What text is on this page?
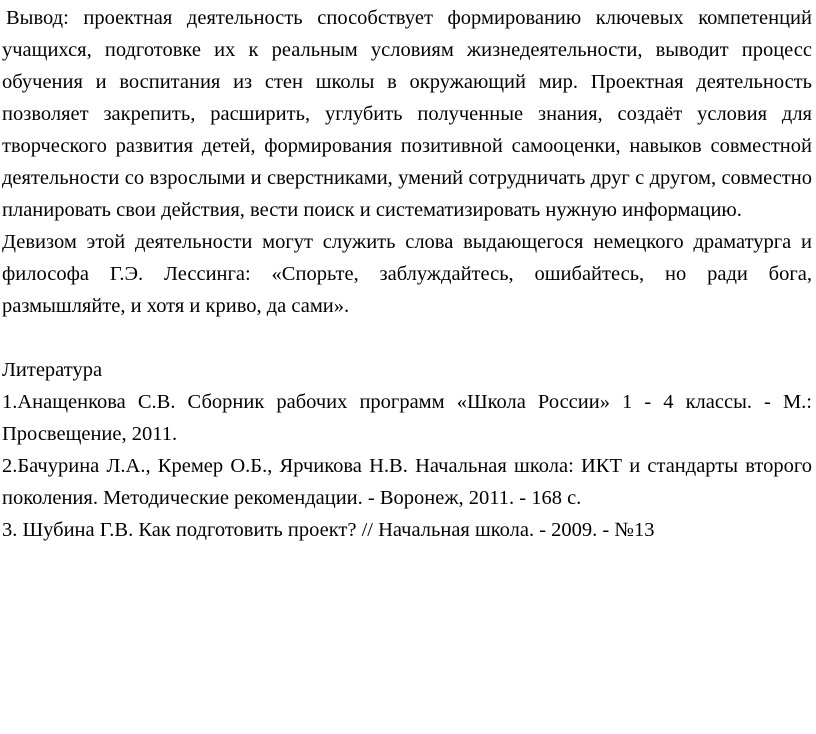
Вывод: проектная деятельность способствует формированию ключевых компетенций учащихся, подготовке их к реальным условиям жизнедеятельности, выводит процесс обучения и воспитания из стен школы в окружающий мир. Проектная деятельность позволяет закрепить, расширить, углубить полученные знания, создаёт условия для творческого развития детей, формирования позитивной самооценки, навыков совместной деятельности со взрослыми и сверстниками, умений сотрудничать друг с другом, совместно планировать свои действия, вести поиск и систематизировать нужную информацию.

Девизом этой деятельности могут служить слова выдающегося немецкого драматурга и философа Г.Э. Лессинга: «Спорьте, заблуждайтесь, ошибайтесь, но ради бога, размышляйте, и хотя и криво, да сами».

Литература

1.Анащенкова С.В. Сборник рабочих программ «Школа России» 1 - 4 классы. - М.: Просвещение, 2011.

2.Бачурина Л.А., Кремер О.Б., Ярчикова Н.В. Начальная школа: ИКТ и стандарты второго поколения. Методические рекомендации. - Воронеж, 2011. - 168 с.

3. Шубина Г.В. Как подготовить проект? // Начальная школа. - 2009. - №13
